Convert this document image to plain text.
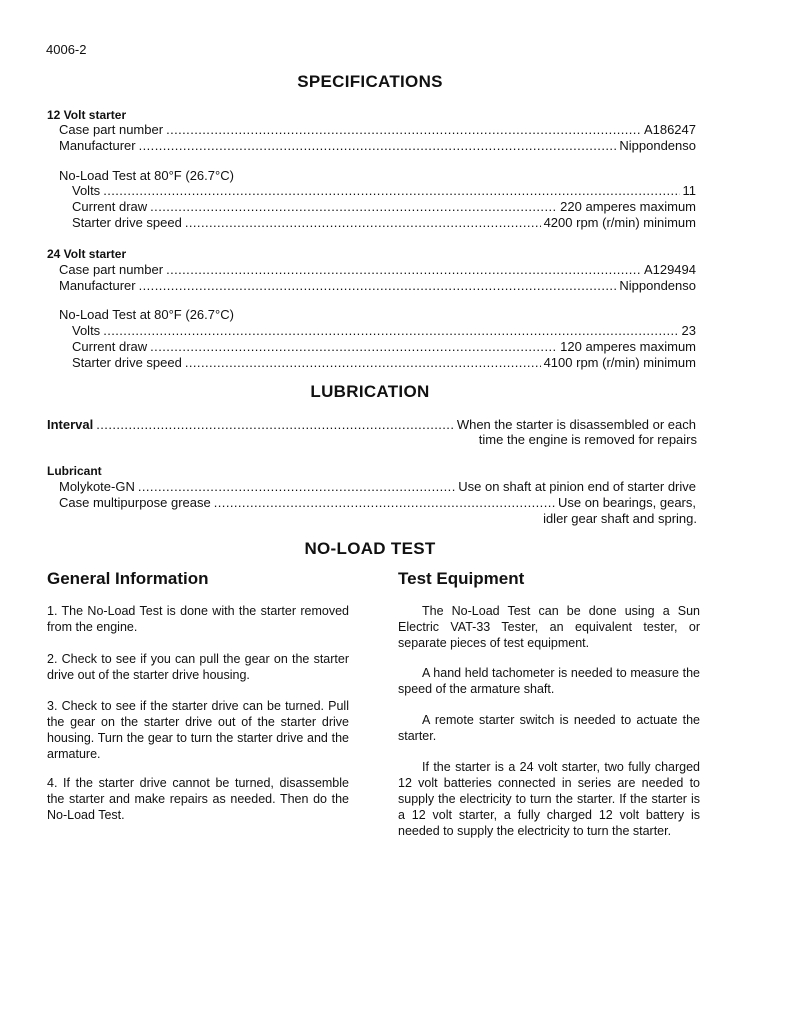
4006-2
SPECIFICATIONS
12 Volt starter
Case part number . . .	A186247
Manufacturer . . .	Nippondenso
No-Load Test at 80°F (26.7°C)
Volts . . .	11
Current draw . . .	220 amperes maximum
Starter drive speed . . .	4200 rpm (r/min) minimum
24 Volt starter
Case part number . . .	A129494
Manufacturer . . .	Nippondenso
No-Load Test at 80°F (26.7°C)
Volts . . .	23
Current draw . . .	120 amperes maximum
Starter drive speed . . .	4100 rpm (r/min) minimum
LUBRICATION
Interval . . .	When the starter is disassembled or each
time the engine is removed for repairs
Lubricant
Molykote-GN . . .	Use on shaft at pinion end of starter drive
Case multipurpose grease . . .	Use on bearings, gears,
idler gear shaft and spring.
NO-LOAD TEST
General Information	Test Equipment

1. The No-Load Test is done with the starter removed from the engine.

2. Check to see if you can pull the gear on the starter drive out of the starter drive housing.

3. Check to see if the starter drive can be turned. Pull the gear on the starter drive out of the starter drive housing. Turn the gear to turn the starter drive and the armature.

4. If the starter drive cannot be turned, disassemble the starter and make repairs as needed. Then do the No-Load Test.

The No-Load Test can be done using a Sun Electric VAT-33 Tester, an equivalent tester, or separate pieces of test equipment.

A hand held tachometer is needed to measure the speed of the armature shaft.

A remote starter switch is needed to actuate the starter.

If the starter is a 24 volt starter, two fully charged 12 volt batteries connected in series are needed to supply the electricity to turn the starter. If the starter is a 12 volt starter, a fully charged 12 volt battery is needed to supply the electricity to turn the starter.
